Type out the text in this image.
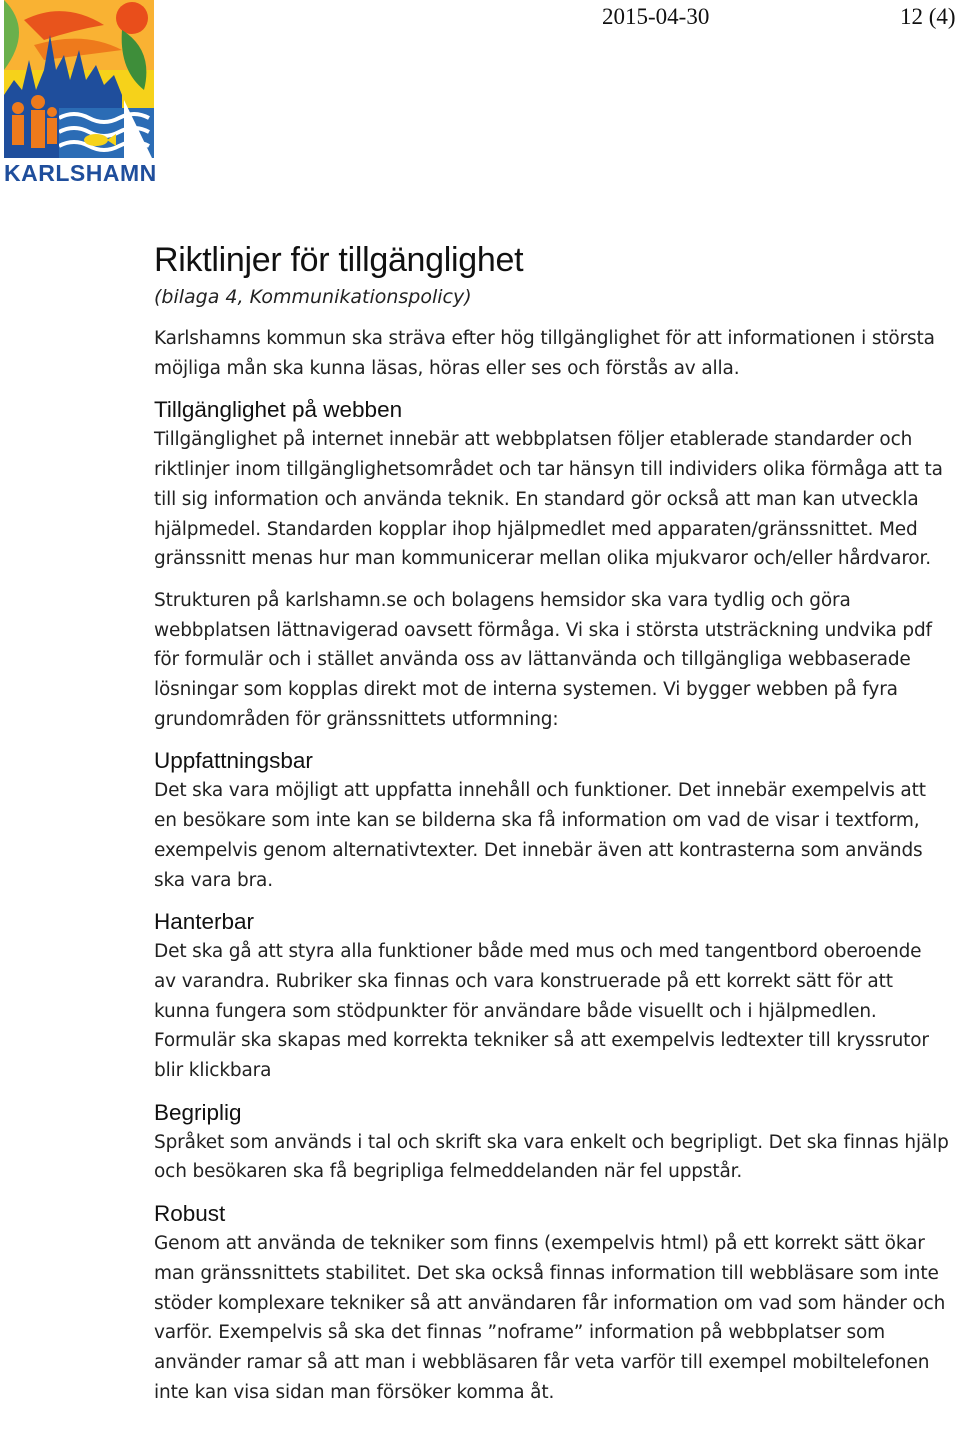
KARLSHAMN
2015-04-30	12 (4)
Riktlinjer för tillgänglighet
(bilaga 4, Kommunikationspolicy)

Karlshamns kommun ska sträva efter hög tillgänglighet för att informationen i största möjliga mån ska kunna läsas, höras eller ses och förstås av alla.

Tillgänglighet på webben

Tillgänglighet på internet innebär att webbplatsen följer etablerade standarder och riktlinjer inom tillgänglighetsområdet och tar hänsyn till individers olika förmåga att ta till sig information och använda teknik. En standard gör också att man kan utveckla hjälpmedel. Standarden kopplar ihop hjälpmedlet med apparaten/gränssnittet. Med gränssnitt menas hur man kommunicerar mellan olika mjukvaror och/eller hårdvaror.

Strukturen på karlshamn.se och bolagens hemsidor ska vara tydlig och göra webbplatsen lättnavigerad oavsett förmåga. Vi ska i största utsträckning undvika pdf för formulär och i stället använda oss av lättanvända och tillgängliga webbaserade lösningar som kopplas direkt mot de interna systemen. Vi bygger webben på fyra grundområden för gränssnittets utformning:

Uppfattningsbar

Det ska vara möjligt att uppfatta innehåll och funktioner. Det innebär exempelvis att en besökare som inte kan se bilderna ska få information om vad de visar i textform, exempelvis genom alternativtexter. Det innebär även att kontrasterna som används ska vara bra.

Hanterbar

Det ska gå att styra alla funktioner både med mus och med tangentbord oberoende av varandra. Rubriker ska finnas och vara konstruerade på ett korrekt sätt för att kunna fungera som stödpunkter för användare både visuellt och i hjälpmedlen. Formulär ska skapas med korrekta tekniker så att exempelvis ledtexter till kryssrutor blir klickbara

Begriplig

Språket som används i tal och skrift ska vara enkelt och begripligt. Det ska finnas hjälp och besökaren ska få begripliga felmeddelanden när fel uppstår.

Robust

Genom att använda de tekniker som finns (exempelvis html) på ett korrekt sätt ökar man gränssnittets stabilitet. Det ska också finnas information till webbläsare som inte stöder komplexare tekniker så att användaren får information om vad som händer och varför. Exempelvis så ska det finnas ”noframe” information på webbplatser som använder ramar så att man i webbläsaren får veta varför till exempel mobiltelefonen inte kan visa sidan man försöker komma åt.
